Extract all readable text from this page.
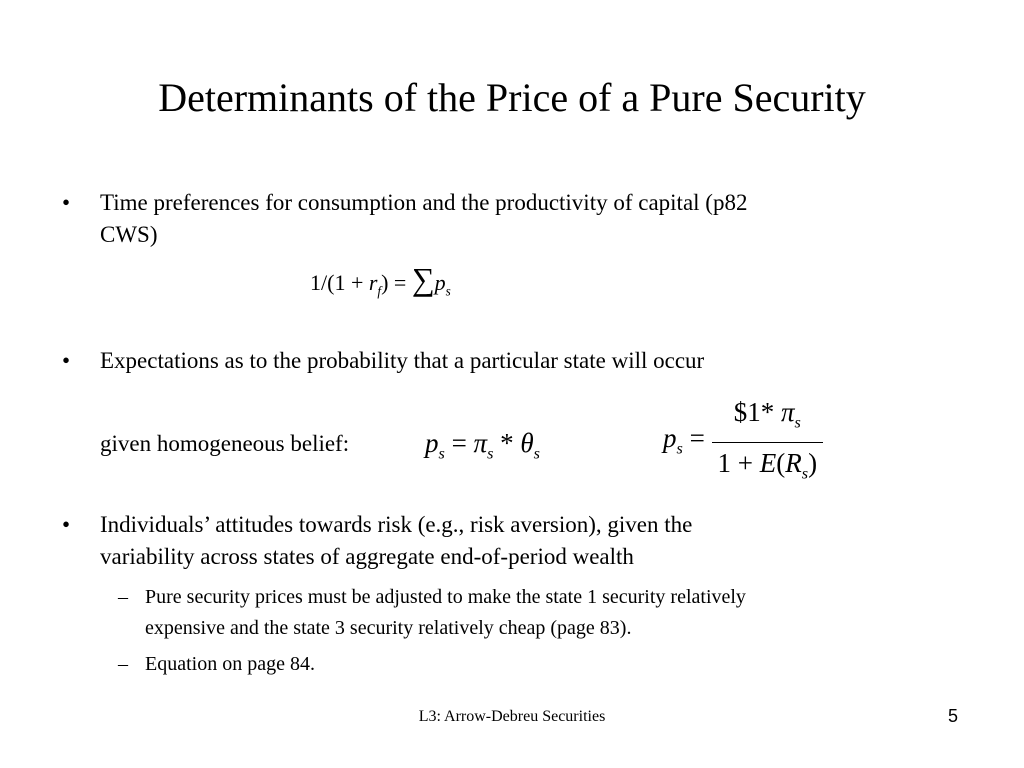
Determinants of the Price of a Pure Security
• Time preferences for consumption and the productivity of capital (p82
CWS)
$1/(1 + r_f) = \sum p_s$
• Expectations as to the probability that a particular state will occur
given homogeneous belief:	$p_s = \pi_s * \theta_s$
$p_s = \frac{\$1* \pi_s}{1 + E(R_s)}$
• Individuals’ attitudes towards risk (e.g., risk aversion), given the
variability across states of aggregate end-of-period wealth
– Pure security prices must be adjusted to make the state 1 security relatively
expensive and the state 3 security relatively cheap (page 83).
– Equation on page 84.
L3: Arrow-Debreu Securities	5
